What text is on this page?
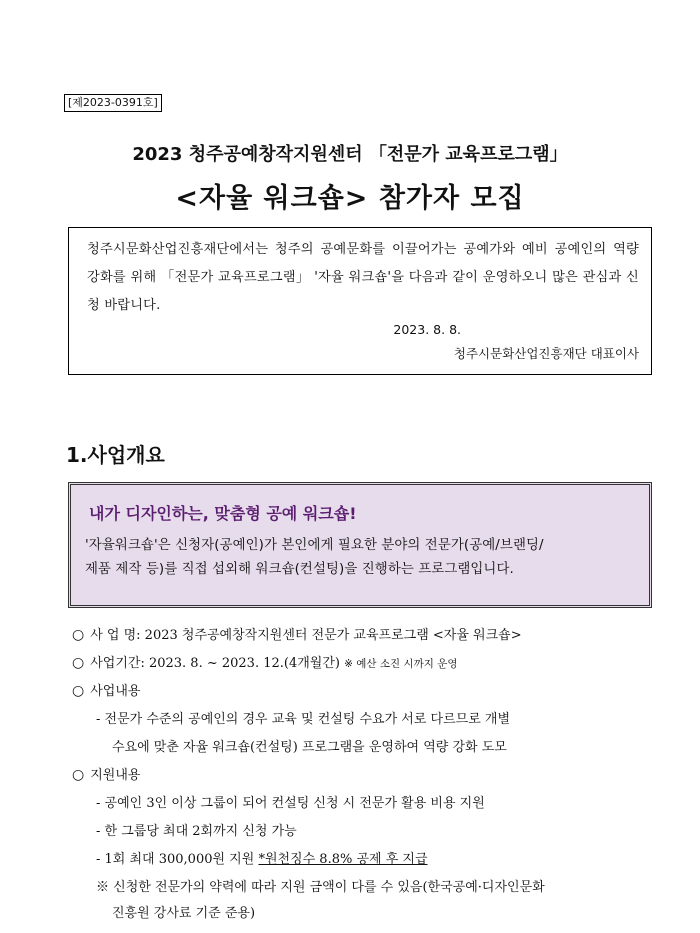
[제2023-0391호]
2023 청주공예창작지원센터 「전문가 교육프로그램」
<자율 워크숍> 참가자 모집

청주시문화산업진흥재단에서는 청주의 공예문화를 이끌어가는 공예가와 예비 공예인의 역량 강화를 위해 「전문가 교육프로그램」 '자율 워크숍'을 다음과 같이 운영하오니 많은 관심과 신청 바랍니다.

2023. 8. 8.
청주시문화산업진흥재단 대표이사
1.사업개요
내가 디자인하는, 맞춤형 공예 워크숍!

'자율워크숍'은 신청자(공예인)가 본인에게 필요한 분야의 전문가(공예/브랜딩/

제품 제작 등)를 직접 섭외해 워크숍(컨설팅)을 진행하는 프로그램입니다.

○ 사 업 명: 2023 청주공예창작지원센터 전문가 교육프로그램 <자율 워크숍>
○ 사업기간: 2023. 8. ~ 2023. 12.(4개월간) ※ 예산 소진 시까지 운영
○ 사업내용
- 전문가 수준의 공예인의 경우 교육 및 컨설팅 수요가 서로 다르므로 개별
수요에 맞춘 자율 워크숍(컨설팅) 프로그램을 운영하여 역량 강화 도모
○ 지원내용
- 공예인 3인 이상 그룹이 되어 컨설팅 신청 시 전문가 활용 비용 지원
- 한 그룹당 최대 2회까지 신청 가능
- 1회 최대 300,000원 지원 *원천징수 8.8% 공제 후 지급
※ 신청한 전문가의 약력에 따라 지원 금액이 다를 수 있음(한국공예·디자인문화
진흥원 강사료 기준 준용)
